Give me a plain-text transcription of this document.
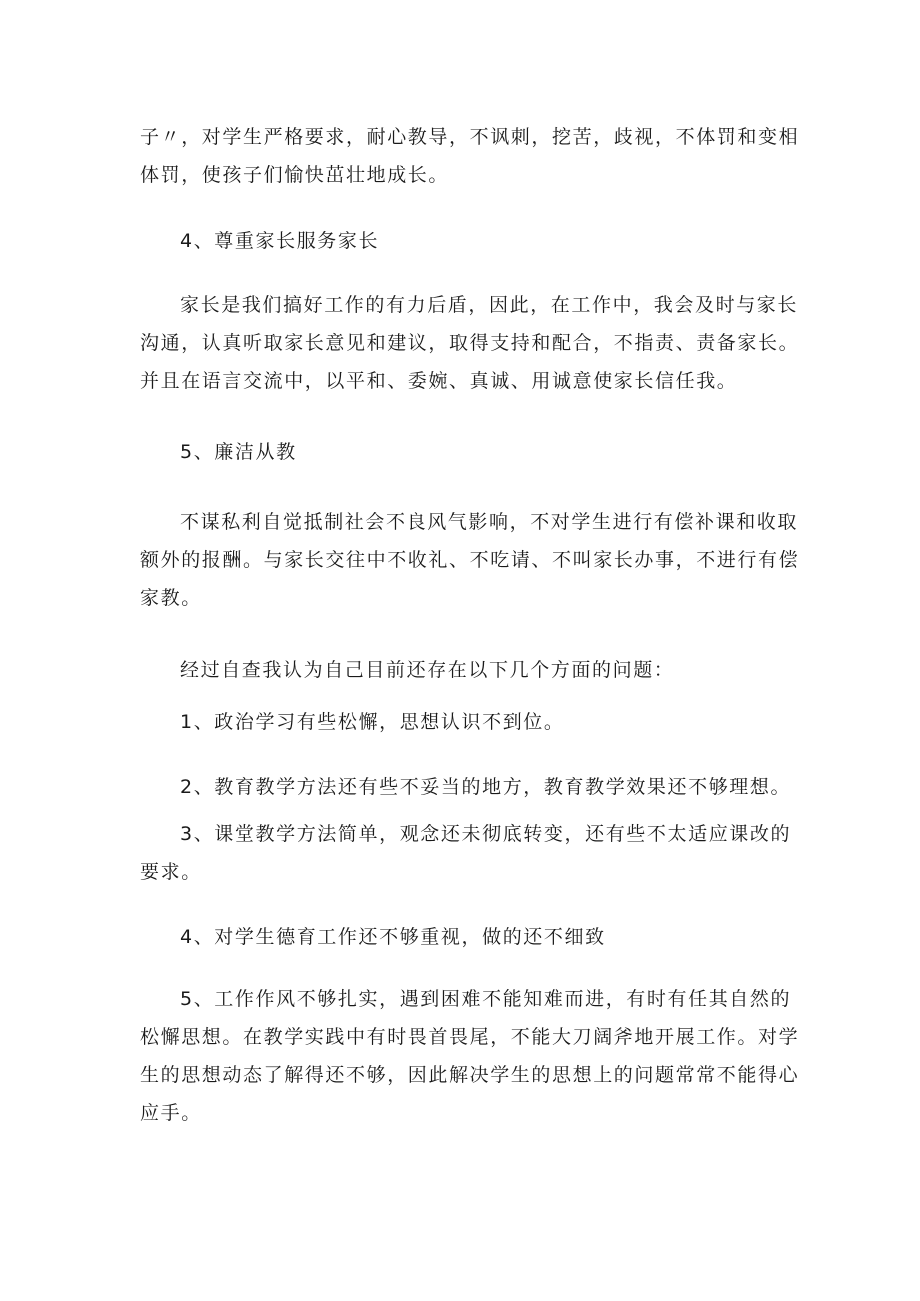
子〃，对学生严格要求，耐心教导，不讽刺，挖苦，歧视，不体罚和变相
体罚，使孩子们愉快茁壮地成长。
4、尊重家长服务家长
家长是我们搞好工作的有力后盾，因此，在工作中，我会及时与家长
沟通，认真听取家长意见和建议，取得支持和配合，不指责、责备家长。
并且在语言交流中，以平和、委婉、真诚、用诚意使家长信任我。
5、廉洁从教
不谋私利自觉抵制社会不良风气影响，不对学生进行有偿补课和收取
额外的报酬。与家长交往中不收礼、不吃请、不叫家长办事，不进行有偿
家教。
经过自查我认为自己目前还存在以下几个方面的问题：
1、政治学习有些松懈，思想认识不到位。
2、教育教学方法还有些不妥当的地方，教育教学效果还不够理想。
3、课堂教学方法简单，观念还未彻底转变，还有些不太适应课改的
要求。
4、对学生德育工作还不够重视，做的还不细致
5、工作作风不够扎实，遇到困难不能知难而进，有时有任其自然的
松懈思想。在教学实践中有时畏首畏尾，不能大刀阔斧地开展工作。对学
生的思想动态了解得还不够，因此解决学生的思想上的问题常常不能得心
应手。
